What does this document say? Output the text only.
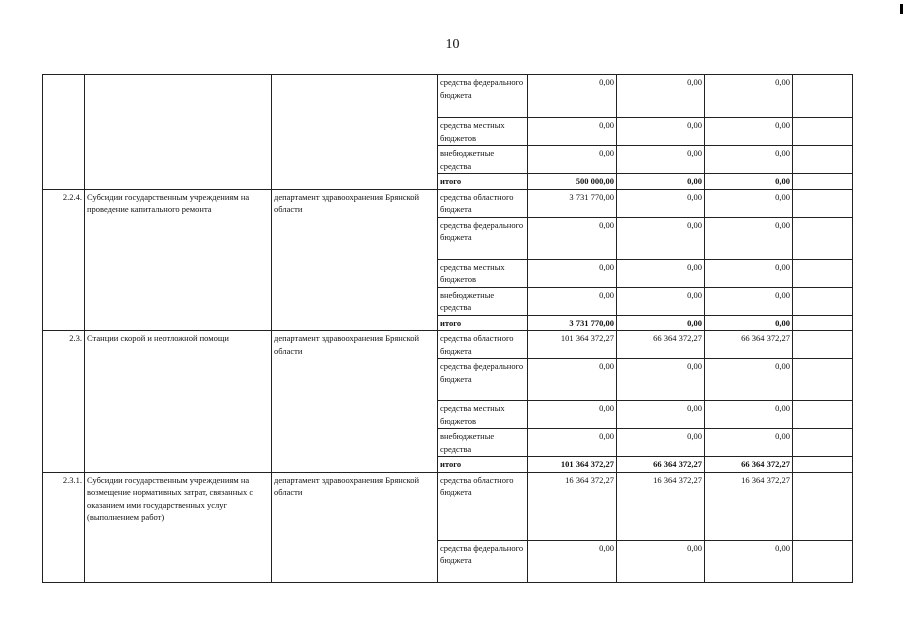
10
			средства федерального бюджета	0,00	0,00	0,00	
			средства местных бюджетов	0,00	0,00	0,00	
			внебюджетные средства	0,00	0,00	0,00	
			итого	500 000,00	0,00	0,00	
2.2.4.	Субсидии государственным учреждениям на проведение капитального ремонта	департамент здравоохранения Брянской области	средства областного бюджета	3 731 770,00	0,00	0,00	
			средства федерального бюджета	0,00	0,00	0,00	
			средства местных бюджетов	0,00	0,00	0,00	
			внебюджетные средства	0,00	0,00	0,00	
			итого	3 731 770,00	0,00	0,00	
2.3.	Станции скорой и неотложной помощи	департамент здравоохранения Брянской области	средства областного бюджета	101 364 372,27	66 364 372,27	66 364 372,27	
			средства федерального бюджета	0,00	0,00	0,00	
			средства местных бюджетов	0,00	0,00	0,00	
			внебюджетные средства	0,00	0,00	0,00	
			итого	101 364 372,27	66 364 372,27	66 364 372,27	
2.3.1.	Субсидии государственным учреждениям на возмещение нормативных затрат, связанных с оказанием ими государственных услуг (выполнением работ)	департамент здравоохранения Брянской области	средства областного бюджета	16 364 372,27	16 364 372,27	16 364 372,27	
			средства федерального бюджета	0,00	0,00	0,00	
